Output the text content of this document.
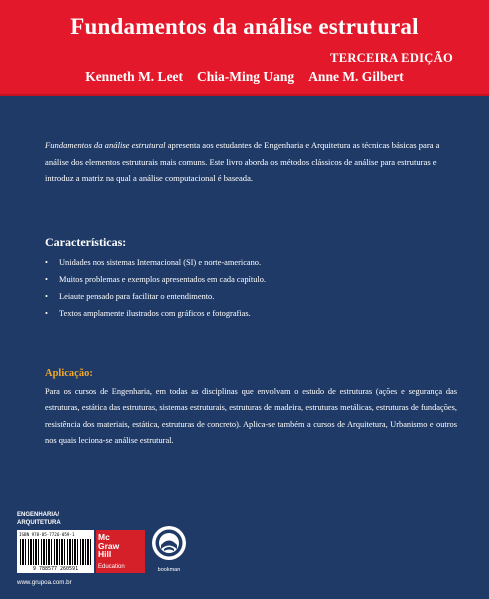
Fundamentos da análise estrutural
TERCEIRA EDIÇÃO
Kenneth M. Leet Chia-Ming Uang Anne M. Gilbert

Fundamentos da análise estrutural apresenta aos estudantes de Engenharia e Arquitetura as técnicas básicas para a análise dos elementos estruturais mais comuns. Este livro aborda os métodos clássicos de análise para estruturas e introduz a matriz na qual a análise computacional é baseada.

Características:
• Unidades nos sistemas Internacional (SI) e norte-americano.
• Muitos problemas e exemplos apresentados em cada capítulo.
• Leiaute pensado para facilitar o entendimento.
• Textos amplamente ilustrados com gráficos e fotografias.
Aplicação:

Para os cursos de Engenharia, em todas as disciplinas que envolvam o estudo de estruturas (ações e segurança das estruturas, estática das estruturas, sistemas estruturais, estruturas de madeira, estruturas metálicas, estruturas de fundações, resistência dos materiais, estática, estruturas de concreto). Aplica-se também a cursos de Arquitetura, Urbanismo e outros nos quais leciona-se análise estrutural.

ENGENHARIA/
ARQUITETURA
ISBN 978-85-7726-059-1
9 788577 260591
Mc
Graw
Hill
Education	bookman
www.grupoa.com.br
